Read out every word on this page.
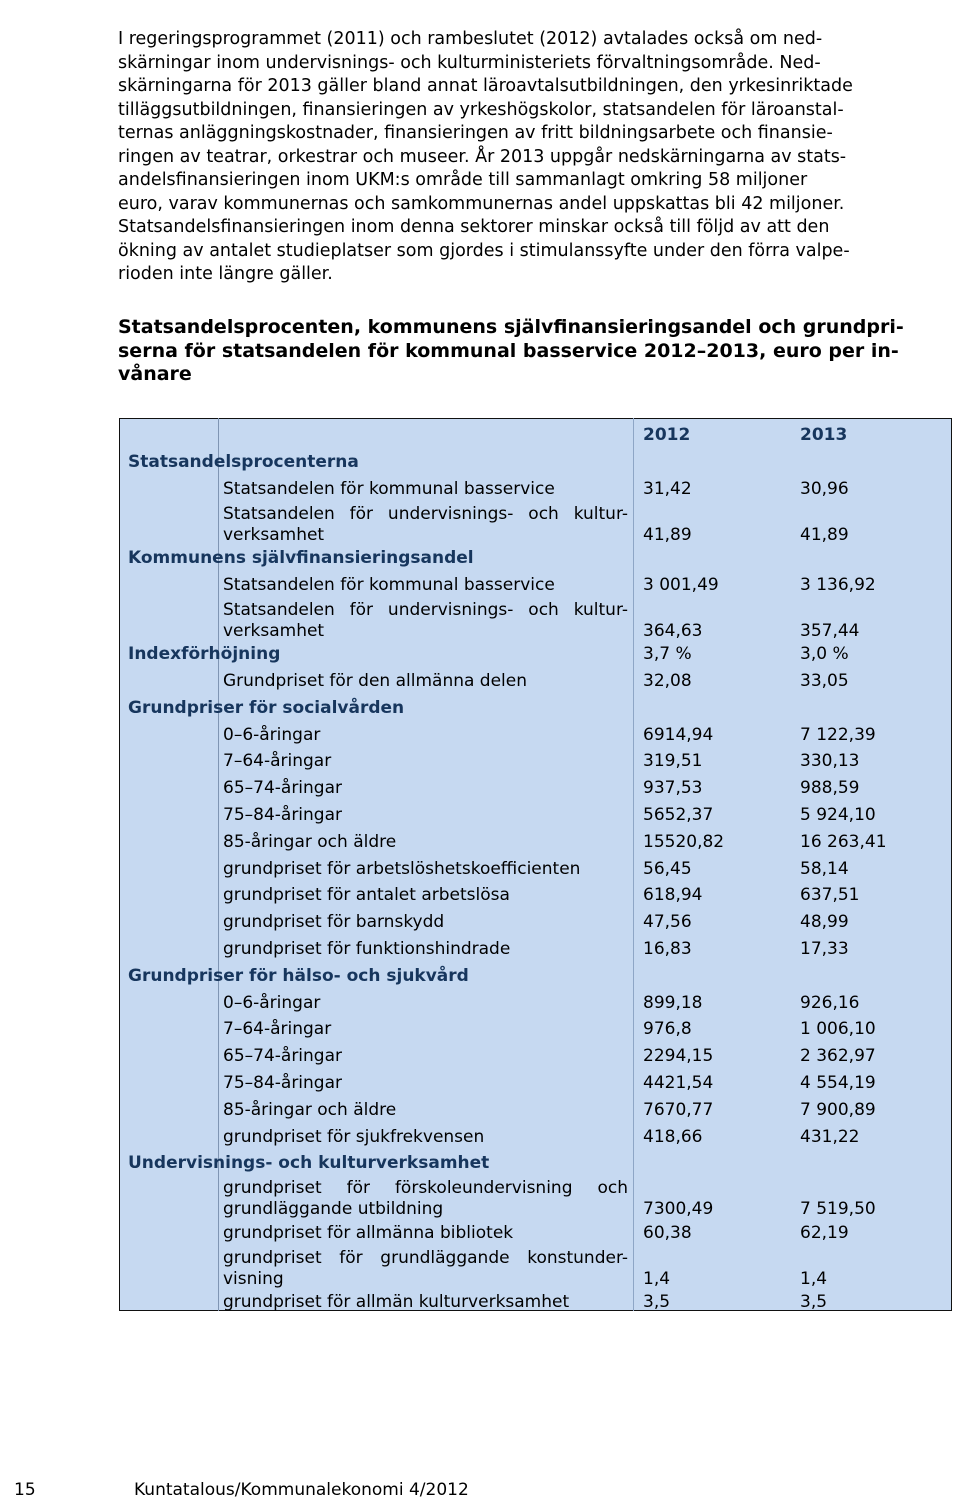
I regeringsprogrammet (2011) och rambeslutet (2012) avtalades också om ned-
skärningar inom undervisnings- och kulturministeriets förvaltningsområde. Ned-
skärningarna för 2013 gäller bland annat läroavtalsutbildningen, den yrkesinriktade
tilläggsutbildningen, finansieringen av yrkeshögskolor, statsandelen för läroanstal-
ternas anläggningskostnader, finansieringen av fritt bildningsarbete och finansie-
ringen av teatrar, orkestrar och museer. År 2013 uppgår nedskärningarna av stats-
andelsfinansieringen inom UKM:s område till sammanlagt omkring 58 miljoner
euro, varav kommunernas och samkommunernas andel uppskattas bli 42 miljoner.
Statsandelsfinansieringen inom denna sektorer minskar också till följd av att den
ökning av antalet studieplatser som gjordes i stimulanssyfte under den förra valpe-
rioden inte längre gäller.
Statsandelsprocenten, kommunens självfinansieringsandel och grundpri-
serna för statsandelen för kommunal basservice 2012–2013, euro per in-
vånare
2012	2013
Statsandelsprocenterna
Statsandelen för kommunal basservice	31,42	30,96
Statsandelen för undervisnings- och kultur-
verksamhet	41,89	41,89
Kommunens självfinansieringsandel
Statsandelen för kommunal basservice	3 001,49	3 136,92
Statsandelen för undervisnings- och kultur-
verksamhet	364,63	357,44
Indexförhöjning	3,7 %	3,0 %
Grundpriset för den allmänna delen	32,08	33,05
Grundpriser för socialvården
0–6-åringar	6914,94	7 122,39
7–64-åringar	319,51	330,13
65–74-åringar	937,53	988,59
75–84-åringar	5652,37	5 924,10
85-åringar och äldre	15520,82	16 263,41
grundpriset för arbetslöshetskoefficienten	56,45	58,14
grundpriset för antalet arbetslösa	618,94	637,51
grundpriset för barnskydd	47,56	48,99
grundpriset för funktionshindrade	16,83	17,33
Grundpriser för hälso- och sjukvård
0–6-åringar	899,18	926,16
7–64-åringar	976,8	1 006,10
65–74-åringar	2294,15	2 362,97
75–84-åringar	4421,54	4 554,19
85-åringar och äldre	7670,77	7 900,89
grundpriset för sjukfrekvensen	418,66	431,22
Undervisnings- och kulturverksamhet
grundpriset för förskoleundervisning och
grundläggande utbildning	7300,49	7 519,50
grundpriset för allmänna bibliotek	60,38	62,19
grundpriset för grundläggande konstunder-
visning	1,4	1,4
grundpriset för allmän kulturverksamhet	3,5	3,5
15	Kuntatalous/Kommunalekonomi 4/2012
